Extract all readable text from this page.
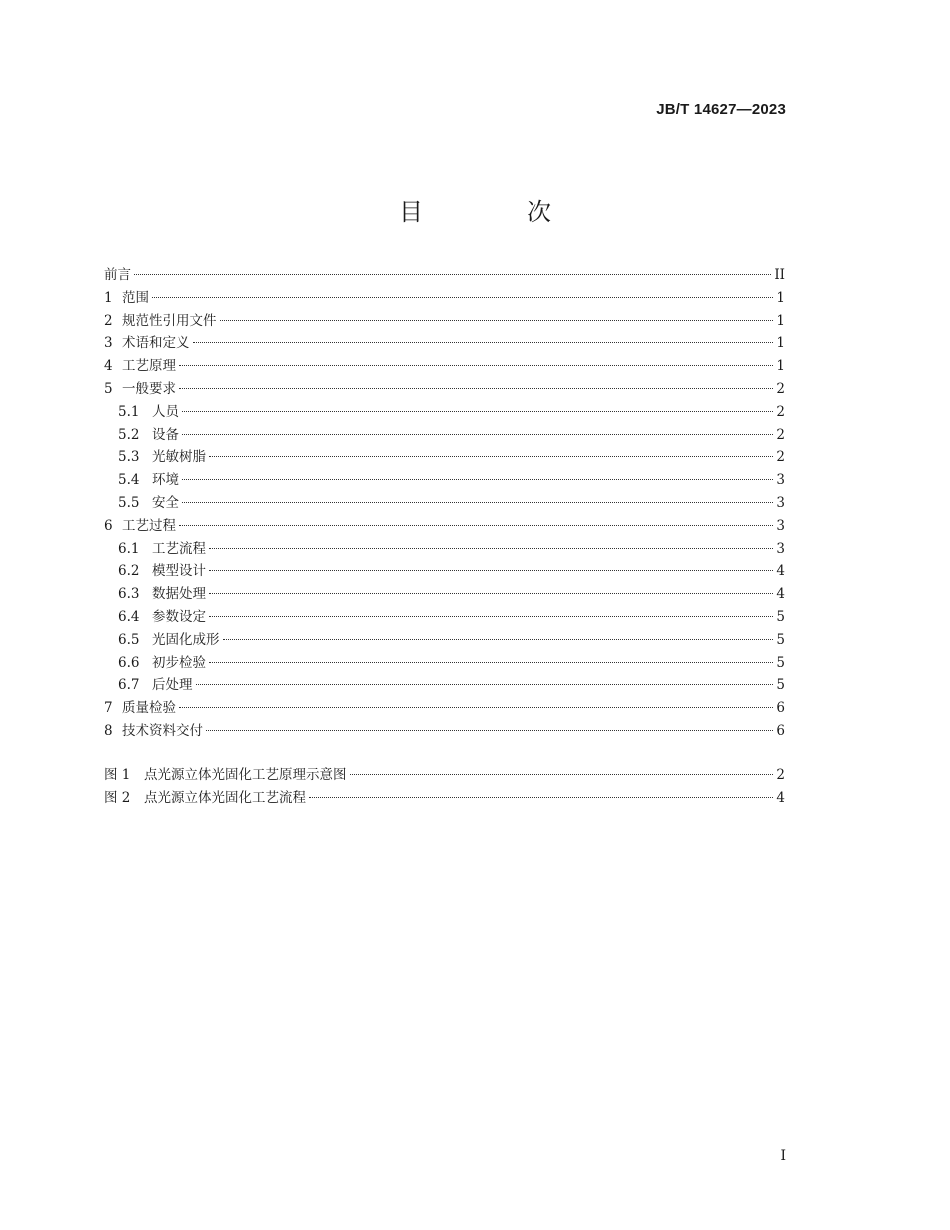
JB/T 14627—2023
目　次
前言	II
1 范围	1
2 规范性引用文件	1
3 术语和定义	1
4 工艺原理	1
5 一般要求	2
5.1 人员	2
5.2 设备	2
5.3 光敏树脂	2
5.4 环境	3
5.5 安全	3
6 工艺过程	3
6.1 工艺流程	3
6.2 模型设计	4
6.3 数据处理	4
6.4 参数设定	5
6.5 光固化成形	5
6.6 初步检验	5
6.7 后处理	5
7 质量检验	6
8 技术资料交付	6
图 1	点光源立体光固化工艺原理示意图	2
图 2	点光源立体光固化工艺流程	4
I
